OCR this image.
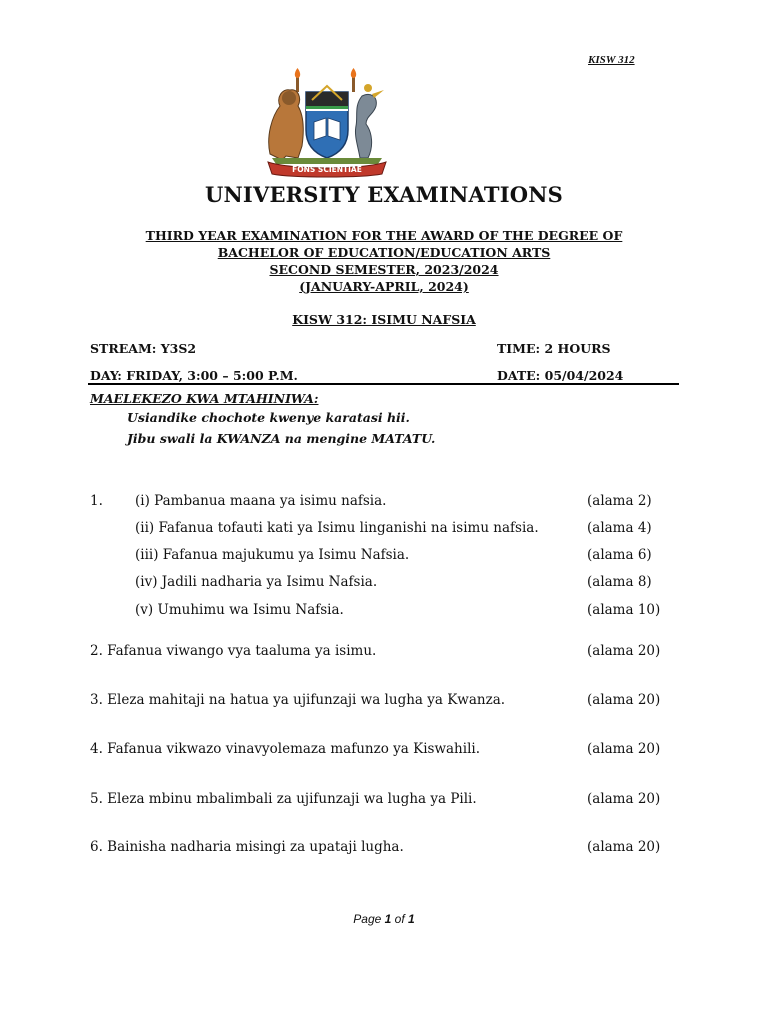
KISW 312
FONS SCIENTIAE
UNIVERSITY EXAMINATIONS
THIRD YEAR EXAMINATION FOR THE AWARD OF THE DEGREE OF
BACHELOR OF EDUCATION/EDUCATION ARTS
SECOND SEMESTER, 2023/2024
(JANUARY-APRIL, 2024)
KISW 312: ISIMU NAFSIA
STREAM: Y3S2	TIME: 2 HOURS
DAY: FRIDAY, 3:00 – 5:00 P.M.	DATE: 05/04/2024
MAELEKEZO KWA MTAHINIWA:
Usiandike chochote kwenye karatasi hii.
Jibu swali la KWANZA na mengine MATATU.
1. (i) Pambanua maana ya isimu nafsia.	(alama 2)
(ii) Fafanua tofauti kati ya Isimu linganishi na isimu nafsia.	(alama 4)
(iii) Fafanua majukumu ya Isimu Nafsia.	(alama 6)
(iv) Jadili nadharia ya Isimu Nafsia.	(alama 8)
(v) Umuhimu wa Isimu Nafsia.	(alama 10)
2. Fafanua viwango vya taaluma ya isimu.	(alama 20)
3. Eleza mahitaji na hatua ya ujifunzaji wa lugha ya Kwanza.	(alama 20)
4. Fafanua vikwazo vinavyolemaza mafunzo ya Kiswahili.	(alama 20)
5. Eleza mbinu mbalimbali za ujifunzaji wa lugha ya Pili.	(alama 20)
6. Bainisha nadharia misingi za upataji lugha.	(alama 20)
Page 1 of 1
